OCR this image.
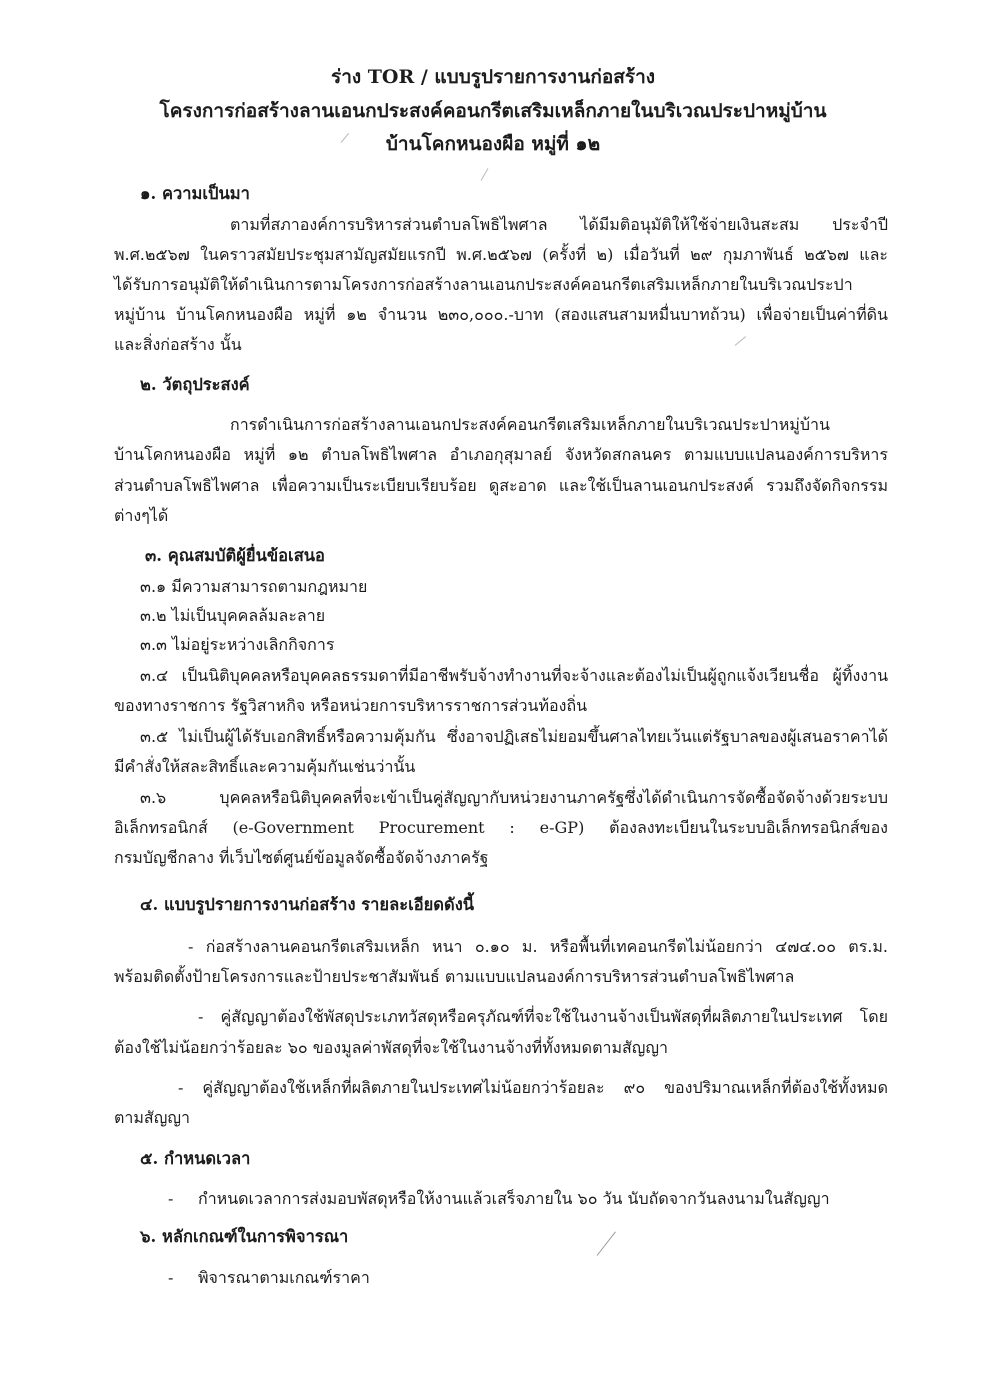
ร่าง TOR / แบบรูปรายการงานก่อสร้าง
โครงการก่อสร้างลานเอนกประสงค์คอนกรีตเสริมเหล็กภายในบริเวณประปาหมู่บ้าน
บ้านโคกหนองผือ หมู่ที่ ๑๒
๑. ความเป็นมา
ตามที่สภาองค์การบริหารส่วนตำบลโพธิไพศาล ได้มีมติอนุมัติให้ใช้จ่ายเงินสะสม ประจำปี
พ.ศ.๒๕๖๗ ในคราวสมัยประชุมสามัญสมัยแรกปี พ.ศ.๒๕๖๗ (ครั้งที่ ๒) เมื่อวันที่ ๒๙ กุมภาพันธ์ ๒๕๖๗ และ
ได้รับการอนุมัติให้ดำเนินการตามโครงการก่อสร้างลานเอนกประสงค์คอนกรีตเสริมเหล็กภายในบริเวณประปา
หมู่บ้าน บ้านโคกหนองผือ หมู่ที่ ๑๒ จำนวน ๒๓๐,๐๐๐.-บาท (สองแสนสามหมื่นบาทถ้วน) เพื่อจ่ายเป็นค่าที่ดิน
และสิ่งก่อสร้าง นั้น
๒. วัตถุประสงค์
การดำเนินการก่อสร้างลานเอนกประสงค์คอนกรีตเสริมเหล็กภายในบริเวณประปาหมู่บ้าน
บ้านโคกหนองผือ หมู่ที่ ๑๒ ตำบลโพธิไพศาล อำเภอกุสุมาลย์ จังหวัดสกลนคร ตามแบบแปลนองค์การบริหาร
ส่วนตำบลโพธิไพศาล เพื่อความเป็นระเบียบเรียบร้อย ดูสะอาด และใช้เป็นลานเอนกประสงค์ รวมถึงจัดกิจกรรม
ต่างๆได้
๓. คุณสมบัติผู้ยื่นข้อเสนอ
๓.๑ มีความสามารถตามกฎหมาย
๓.๒ ไม่เป็นบุคคลล้มละลาย
๓.๓ ไม่อยู่ระหว่างเลิกกิจการ
๓.๔ เป็นนิติบุคคลหรือบุคคลธรรมดาที่มีอาชีพรับจ้างทำงานที่จะจ้างและต้องไม่เป็นผู้ถูกแจ้งเวียนชื่อ ผู้ทิ้งงาน
ของทางราชการ รัฐวิสาหกิจ หรือหน่วยการบริหารราชการส่วนท้องถิ่น
๓.๕ ไม่เป็นผู้ได้รับเอกสิทธิ์หรือความคุ้มกัน ซึ่งอาจปฏิเสธไม่ยอมขึ้นศาลไทยเว้นแต่รัฐบาลของผู้เสนอราคาได้
มีคำสั่งให้สละสิทธิ์และความคุ้มกันเช่นว่านั้น
๓.๖ บุคคลหรือนิติบุคคลที่จะเข้าเป็นคู่สัญญากับหน่วยงานภาครัฐซึ่งได้ดำเนินการจัดซื้อจัดจ้างด้วยระบบ
อิเล็กทรอนิกส์ (e-Government Procurement : e-GP) ต้องลงทะเบียนในระบบอิเล็กทรอนิกส์ของ
กรมบัญชีกลาง ที่เว็บไซต์ศูนย์ข้อมูลจัดซื้อจัดจ้างภาครัฐ
๔. แบบรูปรายการงานก่อสร้าง รายละเอียดดังนี้
- ก่อสร้างลานคอนกรีตเสริมเหล็ก หนา ๐.๑๐ ม. หรือพื้นที่เทคอนกรีตไม่น้อยกว่า ๔๗๔.๐๐ ตร.ม.
พร้อมติดตั้งป้ายโครงการและป้ายประชาสัมพันธ์ ตามแบบแปลนองค์การบริหารส่วนตำบลโพธิไพศาล
- คู่สัญญาต้องใช้พัสดุประเภทวัสดุหรือครุภัณฑ์ที่จะใช้ในงานจ้างเป็นพัสดุที่ผลิตภายในประเทศ โดย
ต้องใช้ไม่น้อยกว่าร้อยละ ๖๐ ของมูลค่าพัสดุที่จะใช้ในงานจ้างที่ทั้งหมดตามสัญญา
- คู่สัญญาต้องใช้เหล็กที่ผลิตภายในประเทศไม่น้อยกว่าร้อยละ ๙๐ ของปริมาณเหล็กที่ต้องใช้ทั้งหมด
ตามสัญญา
๕. กำหนดเวลา
- กำหนดเวลาการส่งมอบพัสดุหรือให้งานแล้วเสร็จภายใน ๖๐ วัน นับถัดจากวันลงนามในสัญญา
๖. หลักเกณฑ์ในการพิจารณา
- พิจารณาตามเกณฑ์ราคา
